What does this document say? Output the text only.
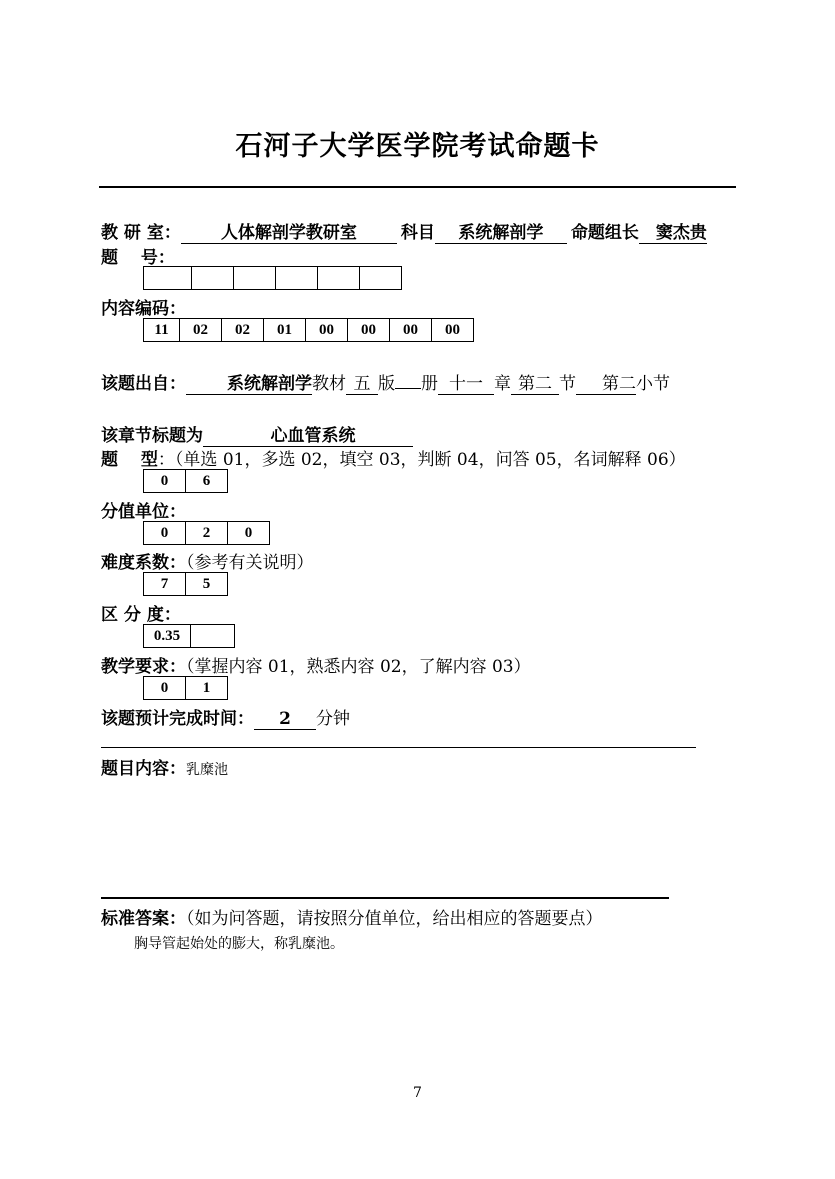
石河子大学医学院考试命题卡
教 研 室： 人体解剖学教研室	科目 系统解剖学 命题组长 窦杰贵
题　 号：

内容编码：
11	02	02	01	00	00	00	00
该题出自： 系统解剖学教材 五 版 册 十一 章 第二 节 第二小节
该章节标题为	心血管系统
题　 型：（单选 01，多选 02，填空 03，判断 04，问答 05，名词解释 06）
0	6
分值单位：
0	2	0
难度系数：（参考有关说明）
7	5
区 分 度：
0.35	
教学要求：（掌握内容 01，熟悉内容 02，了解内容 03）
0	1
该题预计完成时间： 2 分钟
题目内容：乳糜池
标准答案：（如为问答题，请按照分值单位，给出相应的答题要点）
胸导管起始处的膨大，称乳糜池。
7
